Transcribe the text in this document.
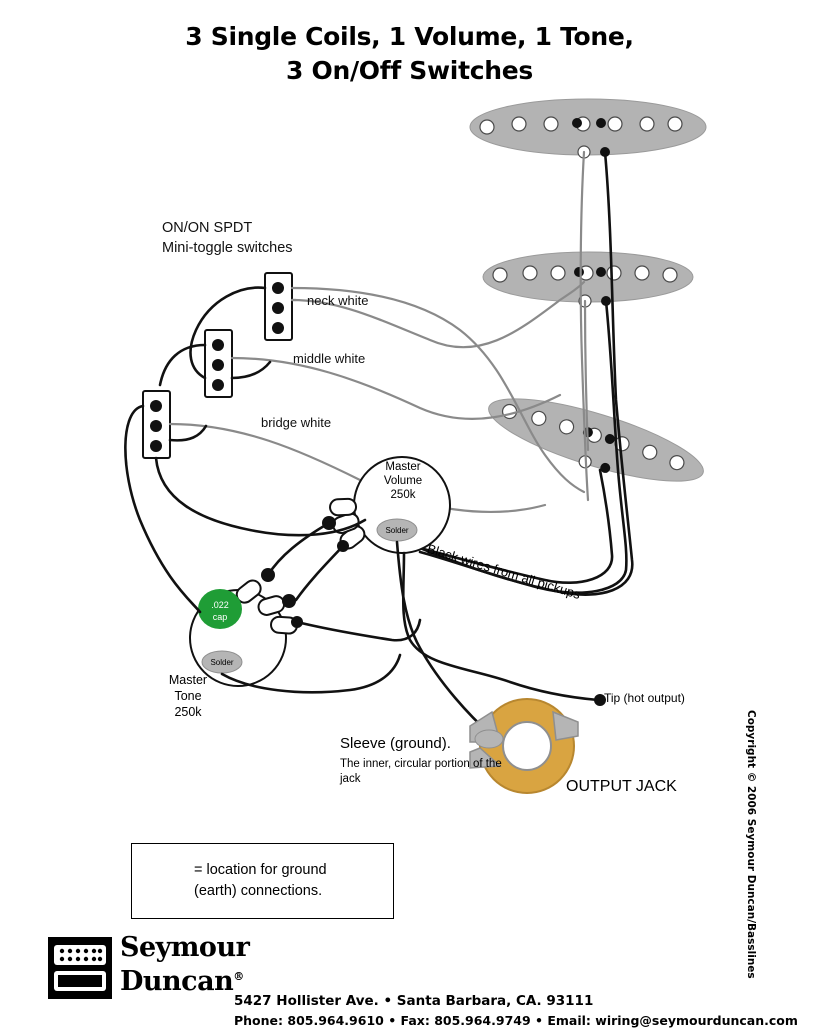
Solder
Solder
.022
cap
3 Single Coils, 1 Volume, 1 Tone,
3 On/Off Switches
ON/ON SPDT
Mini-toggle switches
neck white
middle white
bridge white
Master
Volume
250k
Master
Tone
250k
Black wires from all pickups
Sleeve (ground).
The inner, circular portion of the jack
Tip (hot output)
OUTPUT JACK
= location for ground
(earth) connections.	Copyright © 2006 Seymour Duncan/Basslines
Seymour
Duncan®
5427 Hollister Ave. • Santa Barbara, CA. 93111
Phone: 805.964.9610 • Fax: 805.964.9749 • Email: wiring@seymourduncan.com
